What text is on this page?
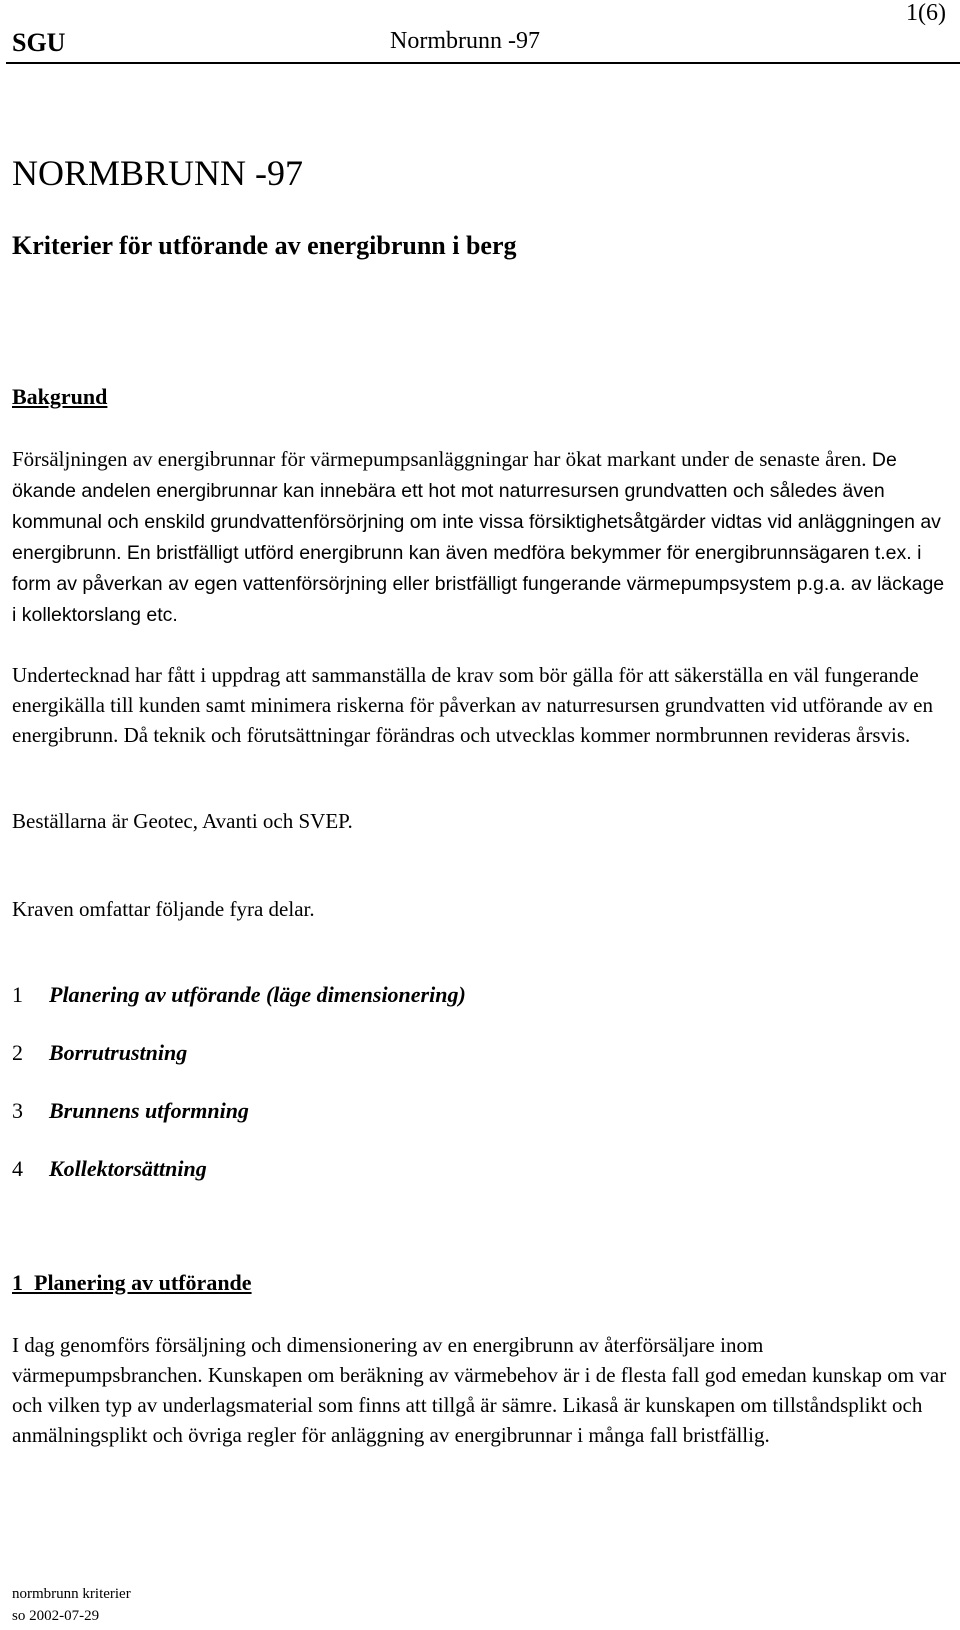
1(6)
SGU	Normbrunn -97
NORMBRUNN -97
Kriterier för utförande av energibrunn i berg
Bakgrund
Försäljningen av energibrunnar för värmepumpsanläggningar har ökat markant under de senaste åren. De ökande andelen energibrunnar kan innebära ett hot mot naturresursen grundvatten och således även kommunal och enskild grundvattenförsörjning om inte vissa försiktighetsåtgärder vidtas vid anläggningen av energibrunn. En bristfälligt utförd energibrunn kan även medföra bekymmer för energibrunnsägaren t.ex. i form av påverkan av egen vattenförsörjning eller bristfälligt fungerande värmepumpsystem p.g.a. av läckage i kollektorslang etc.
Undertecknad har fått i uppdrag att sammanställa de krav som bör gälla för att säkerställa en väl fungerande energikälla till kunden samt minimera riskerna för påverkan av naturresursen grundvatten vid utförande av en energibrunn. Då teknik och förutsättningar förändras och utvecklas kommer normbrunnen revideras årsvis.
Beställarna är Geotec, Avanti och SVEP.
Kraven omfattar följande fyra delar.
1 Planering av utförande (läge dimensionering)
2 Borrutrustning
3 Brunnens utformning
4 Kollektorsättning
1  Planering av utförande
I dag genomförs försäljning och dimensionering av en energibrunn av återförsäljare inom värmepumpsbranchen. Kunskapen om beräkning av värmebehov är i de flesta fall god emedan kunskap om var och vilken typ av underlagsmaterial som finns att tillgå är sämre. Likaså är kunskapen om tillståndsplikt och anmälningsplikt och övriga regler för anläggning av energibrunnar i många fall bristfällig.
normbrunn kriterier
so 2002-07-29
